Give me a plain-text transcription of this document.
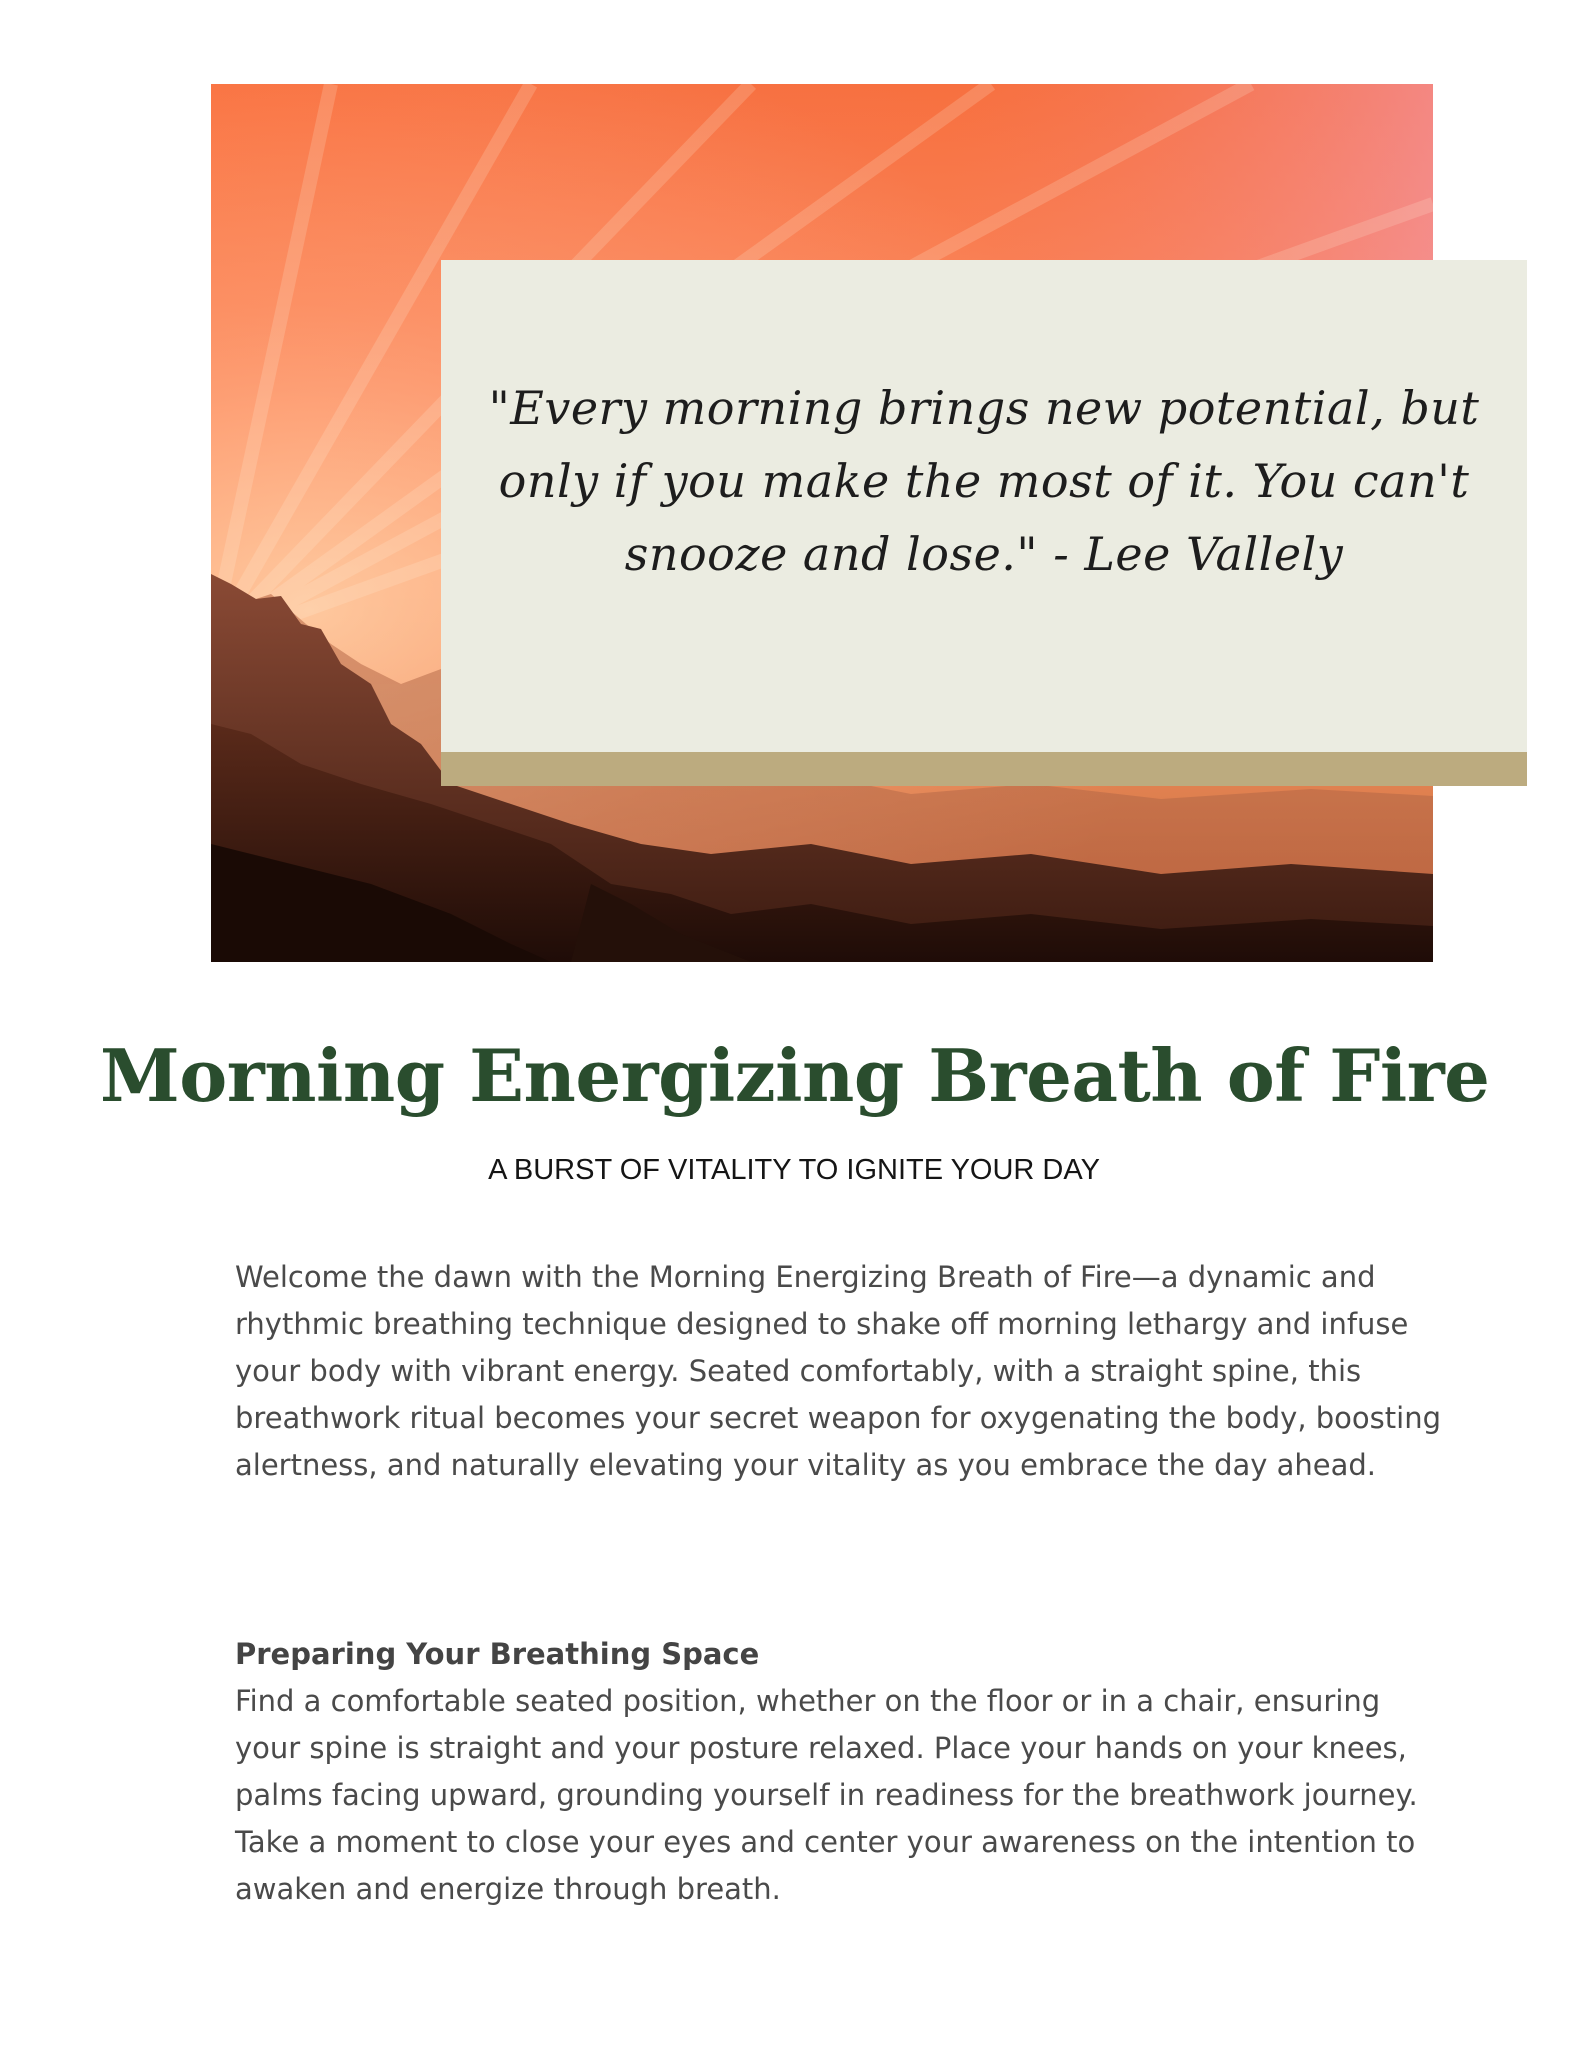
"Every morning brings new potential, but only if you make the most of it. You can't snooze and lose." - Lee Vallely

Morning Energizing Breath of Fire

A BURST OF VITALITY TO IGNITE YOUR DAY

Welcome the dawn with the Morning Energizing Breath of Fire—a dynamic and rhythmic breathing technique designed to shake off morning lethargy and infuse your body with vibrant energy. Seated comfortably, with a straight spine, this breathwork ritual becomes your secret weapon for oxygenating the body, boosting alertness, and naturally elevating your vitality as you embrace the day ahead.

Preparing Your Breathing Space

Find a comfortable seated position, whether on the floor or in a chair, ensuring your spine is straight and your posture relaxed. Place your hands on your knees, palms facing upward, grounding yourself in readiness for the breathwork journey. Take a moment to close your eyes and center your awareness on the intention to awaken and energize through breath.
